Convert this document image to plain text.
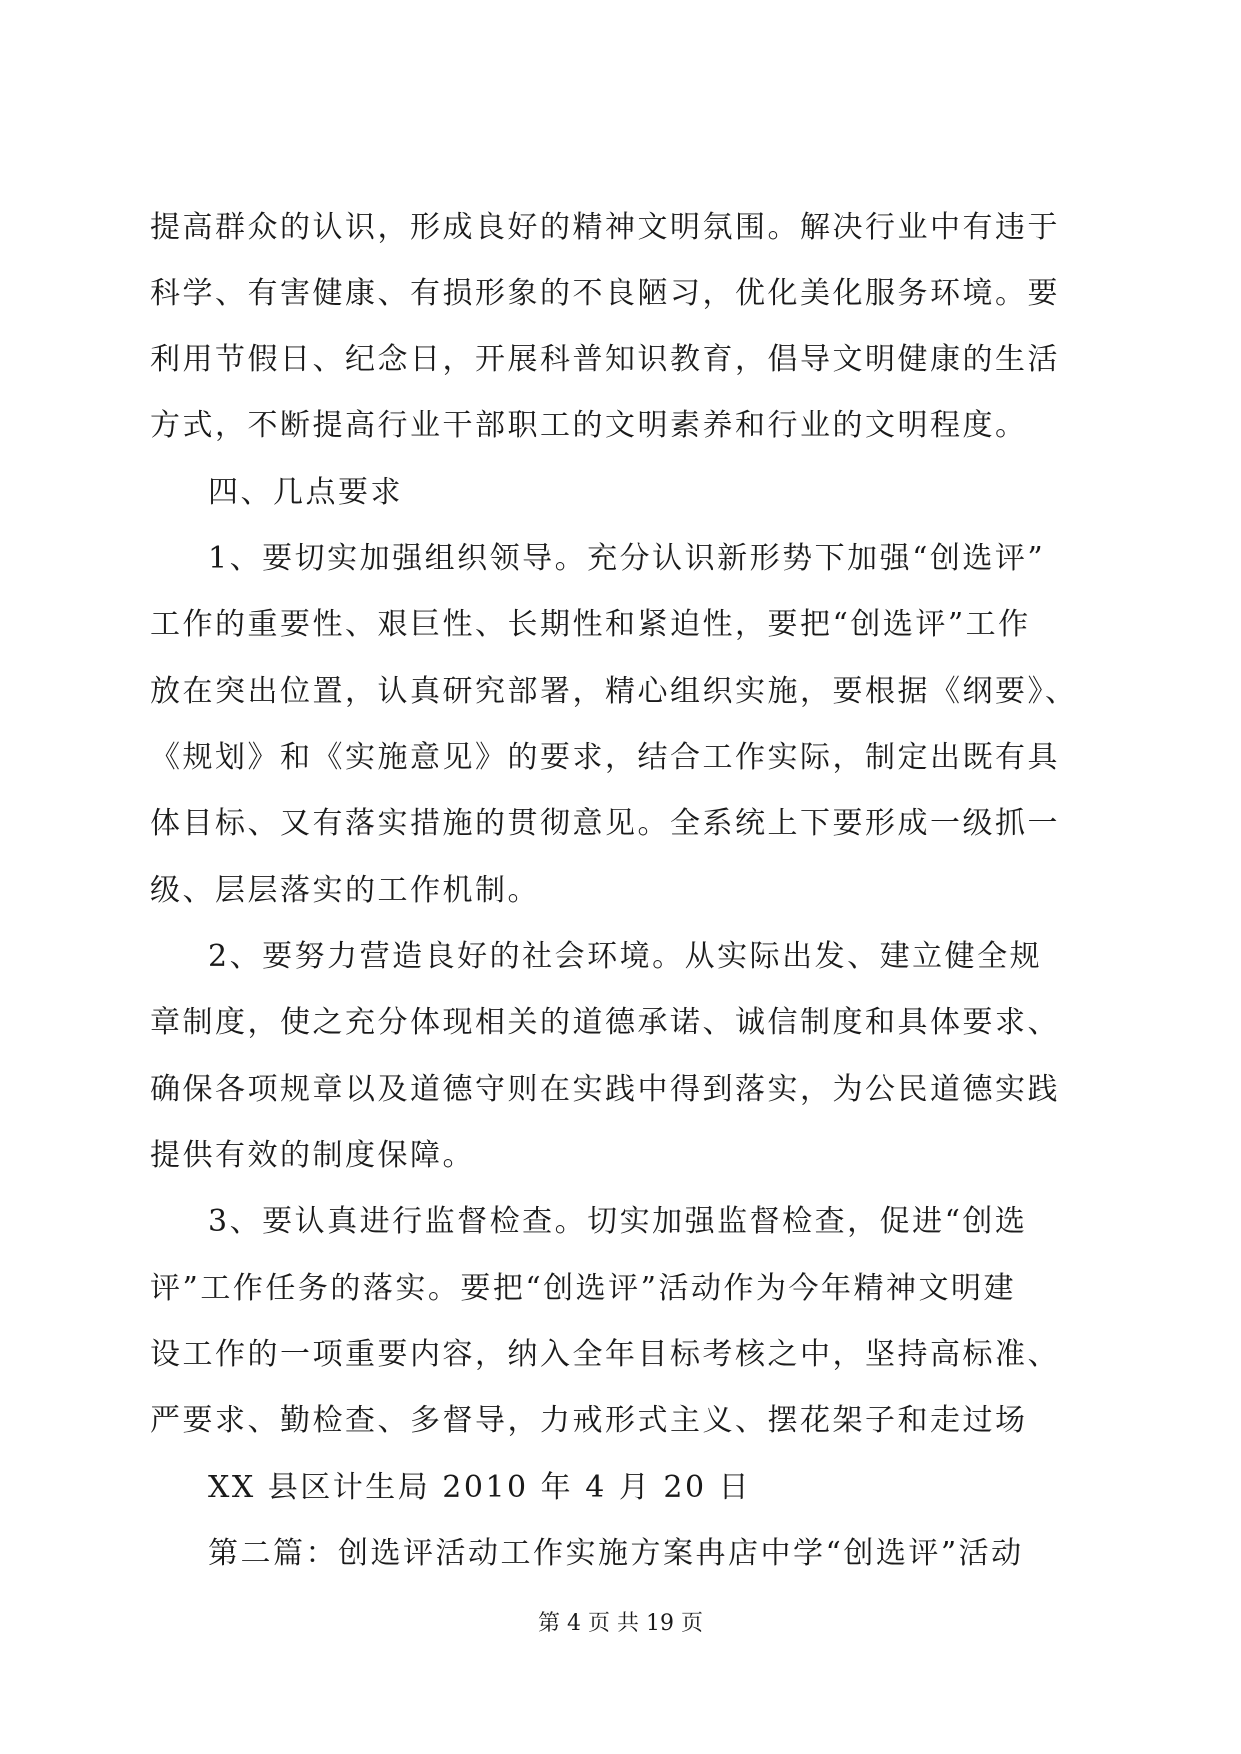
提高群众的认识，形成良好的精神文明氛围。解决行业中有违于
科学、有害健康、有损形象的不良陋习，优化美化服务环境。要
利用节假日、纪念日，开展科普知识教育，倡导文明健康的生活
方式，不断提高行业干部职工的文明素养和行业的文明程度。
四、几点要求
1、要切实加强组织领导。充分认识新形势下加强“创选评”
工作的重要性、艰巨性、长期性和紧迫性，要把“创选评”工作
放在突出位置，认真研究部署，精心组织实施，要根据《纲要》、
《规划》和《实施意见》的要求，结合工作实际，制定出既有具
体目标、又有落实措施的贯彻意见。全系统上下要形成一级抓一
级、层层落实的工作机制。
2、要努力营造良好的社会环境。从实际出发、建立健全规
章制度，使之充分体现相关的道德承诺、诚信制度和具体要求、
确保各项规章以及道德守则在实践中得到落实，为公民道德实践
提供有效的制度保障。
3、要认真进行监督检查。切实加强监督检查，促进“创选
评”工作任务的落实。要把“创选评”活动作为今年精神文明建
设工作的一项重要内容，纳入全年目标考核之中，坚持高标准、
严要求、勤检查、多督导，力戒形式主义、摆花架子和走过场
XX 县区计生局 2010 年 4 月 20 日
第二篇：创选评活动工作实施方案冉店中学“创选评”活动
第 4 页 共 19 页
